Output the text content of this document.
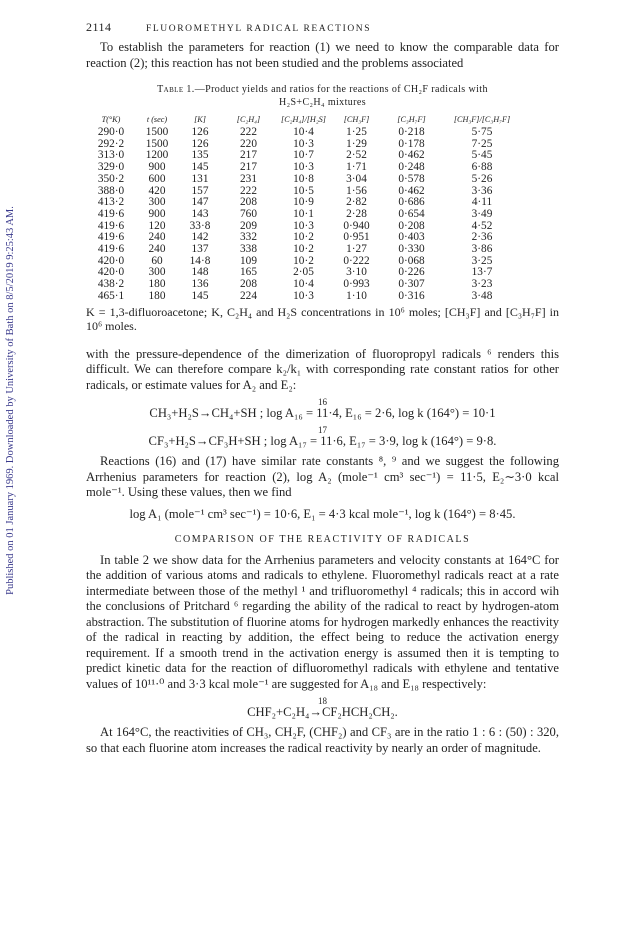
Published on 01 January 1969. Downloaded by University of Bath on 8/5/2019 9:25:43 AM.
2114	FLUOROMETHYL RADICAL REACTIONS

To establish the parameters for reaction (1) we need to know the comparable data for reaction (2); this reaction has not been studied and the problems associated

Table 1.—Product yields and ratios for the reactions of CH₂F radicals with
H₂S+C₂H₄ mixtures
T(°K)	t (sec)	[K]	[C₂H₄]	[C₂H₄]/[H₂S]	[CH₃F]	[C₃H₇F]	[CH₃F]/[C₃H₇F]
290·0	1500	126	222	10·4	1·25	0·218	5·75
292·2	1500	126	220	10·3	1·29	0·178	7·25
313·0	1200	135	217	10·7	2·52	0·462	5·45
329·0	900	145	217	10·3	1·71	0·248	6·88
350·2	600	131	231	10·8	3·04	0·578	5·26
388·0	420	157	222	10·5	1·56	0·462	3·36
413·2	300	147	208	10·9	2·82	0·686	4·11
419·6	900	143	760	10·1	2·28	0·654	3·49
419·6	120	33·8	209	10·3	0·940	0·208	4·52
419·6	240	142	332	10·2	0·951	0·403	2·36
419·6	240	137	338	10·2	1·27	0·330	3·86
420·0	60	14·8	109	10·2	0·222	0·068	3·25
420·0	300	148	165	2·05	3·10	0·226	13·7
438·2	180	136	208	10·4	0·993	0·307	3·23
465·1	180	145	224	10·3	1·10	0·316	3·48
K = 1,3-difluoroacetone; K, C₂H₄ and H₂S concentrations in 10⁶ moles; [CH₃F] and [C₃H₇F] in 10⁶ moles.

with the pressure-dependence of the dimerization of fluoropropyl radicals ⁶ renders this difficult. We can therefore compare k₂/k₁ with corresponding rate constant ratios for other radicals, or estimate values for A₂ and E₂:

16
CH₃+H₂S→CH₄+SH ; log A₁₆ = 11·4, E₁₆ = 2·6, log k (164°) = 10·1
17
CF₃+H₂S→CF₃H+SH ; log A₁₇ = 11·6, E₁₇ = 3·9, log k (164°) = 9·8.

Reactions (16) and (17) have similar rate constants ⁸, ⁹ and we suggest the following Arrhenius parameters for reaction (2), log A₂ (mole⁻¹ cm³ sec⁻¹) = 11·5, E₂∼3·0 kcal mole⁻¹. Using these values, then we find

log A₁ (mole⁻¹ cm³ sec⁻¹) = 10·6, E₁ = 4·3 kcal mole⁻¹, log k (164°) = 8·45.
COMPARISON OF THE REACTIVITY OF RADICALS

In table 2 we show data for the Arrhenius parameters and velocity constants at 164°C for the addition of various atoms and radicals to ethylene. Fluoromethyl radicals react at a rate intermediate between those of the methyl ¹ and trifluoromethyl ⁴ radicals; this in accord wih the conclusions of Pritchard ⁶ regarding the ability of the radical to react by hydrogen-atom abstraction. The substitution of fluorine atoms for hydrogen markedly enhances the reactivity of the radical in reacting by addition, the effect being to reduce the activation energy requirement. If a smooth trend in the activation energy is assumed then it is tempting to predict kinetic data for the reaction of difluoromethyl radicals with ethylene and tentative values of 10¹¹·⁰ and 3·3 kcal mole⁻¹ are suggested for A₁₈ and E₁₈ respectively:

18
CHF₂+C₂H₄→CF₂HCH₂CH₂.

At 164°C, the reactivities of CH₃, CH₂F, (CHF₂) and CF₃ are in the ratio 1 : 6 : (50) : 320, so that each fluorine atom increases the radical reactivity by nearly an order of magnitude.
